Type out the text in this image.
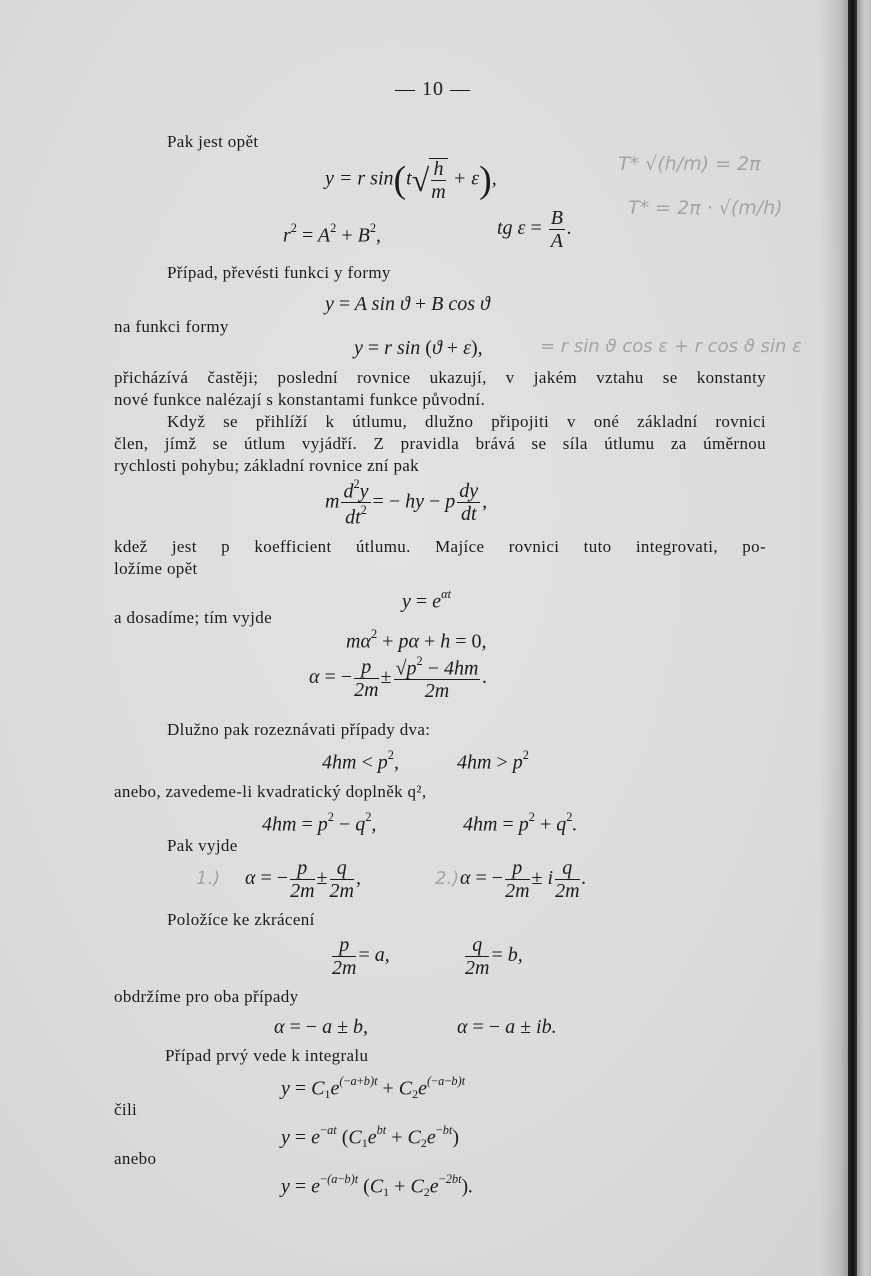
— 10 —
Pak jest opět
y = r $\sin(t√ \frac{h}{m} + \varepsilon)$,
$r^2 = A^2 + B^2$,	tg $\varepsilon = \frac{B}{A}$ .
Případ, převésti funkci y formy
y = A sin ϑ + B cos ϑ
na funkci formy
y = r sin (ϑ + ε),	= r sin ϑ cos ε + r cos ϑ sin ε
přicházívá častěji; poslední rovnice ukazují, v jakém vztahu se konstanty
nové funkce nalézají s konstantami funkce původní.
Když se přihlíží k útlumu, dlužno připojiti v oné základní rovnici
člen, jímž se útlum vyjádří. Z pravidla brává se síla útlumu za úměrnou
rychlosti pohybu; základní rovnice zní pak
m $\frac{d^2y}{dt^2}$ = − hy − p $\frac{dy}{dt}$ ,
kdež jest p koefficient útlumu. Majíce rovnici tuto integrovati, po-
ložíme opět
$y = e^{\alpha t}$
a dosadíme; tím vyjde
$m\alpha^2 + p\alpha + h = 0$,
α = − $\frac{p}{2m} \pm \frac{√p^2 - 4hm}{2m}$ .
Dlužno pak rozeznávati případy dva:
$4hm < p^2$,	$4hm > p^2$
anebo, zavedeme-li kvadratický doplněk q²,
$4hm = p^2 - q^2$,	$4hm = p^2 + q^2$.
Pak vyjde
1.) α = − $\frac{p}{2m} \pm \frac{q}{2m}$ ,	2.) α = − $\frac{p}{2m} \pm i \frac{q}{2m}$ .
Položíce ke zkrácení
$\frac{p}{2m} = a$,	$\frac{q}{2m} = b$,
obdržíme pro oba případy
α = − a ± b,	α = − a ± ib.
Případ prvý vede k integralu
$y = C_1e^{(-a+b)t} + C_2e^{(-a-b)t}$
čili
$y = e^{-at}$ $(C_1e^{bt} + C_2e^{-bt})$
anebo
$y = e^{-(a-b)t}$ $(C_1 + C_2e^{-2bt})$.
T* √(h/m) = 2π
T* = 2π · √(m/h)
